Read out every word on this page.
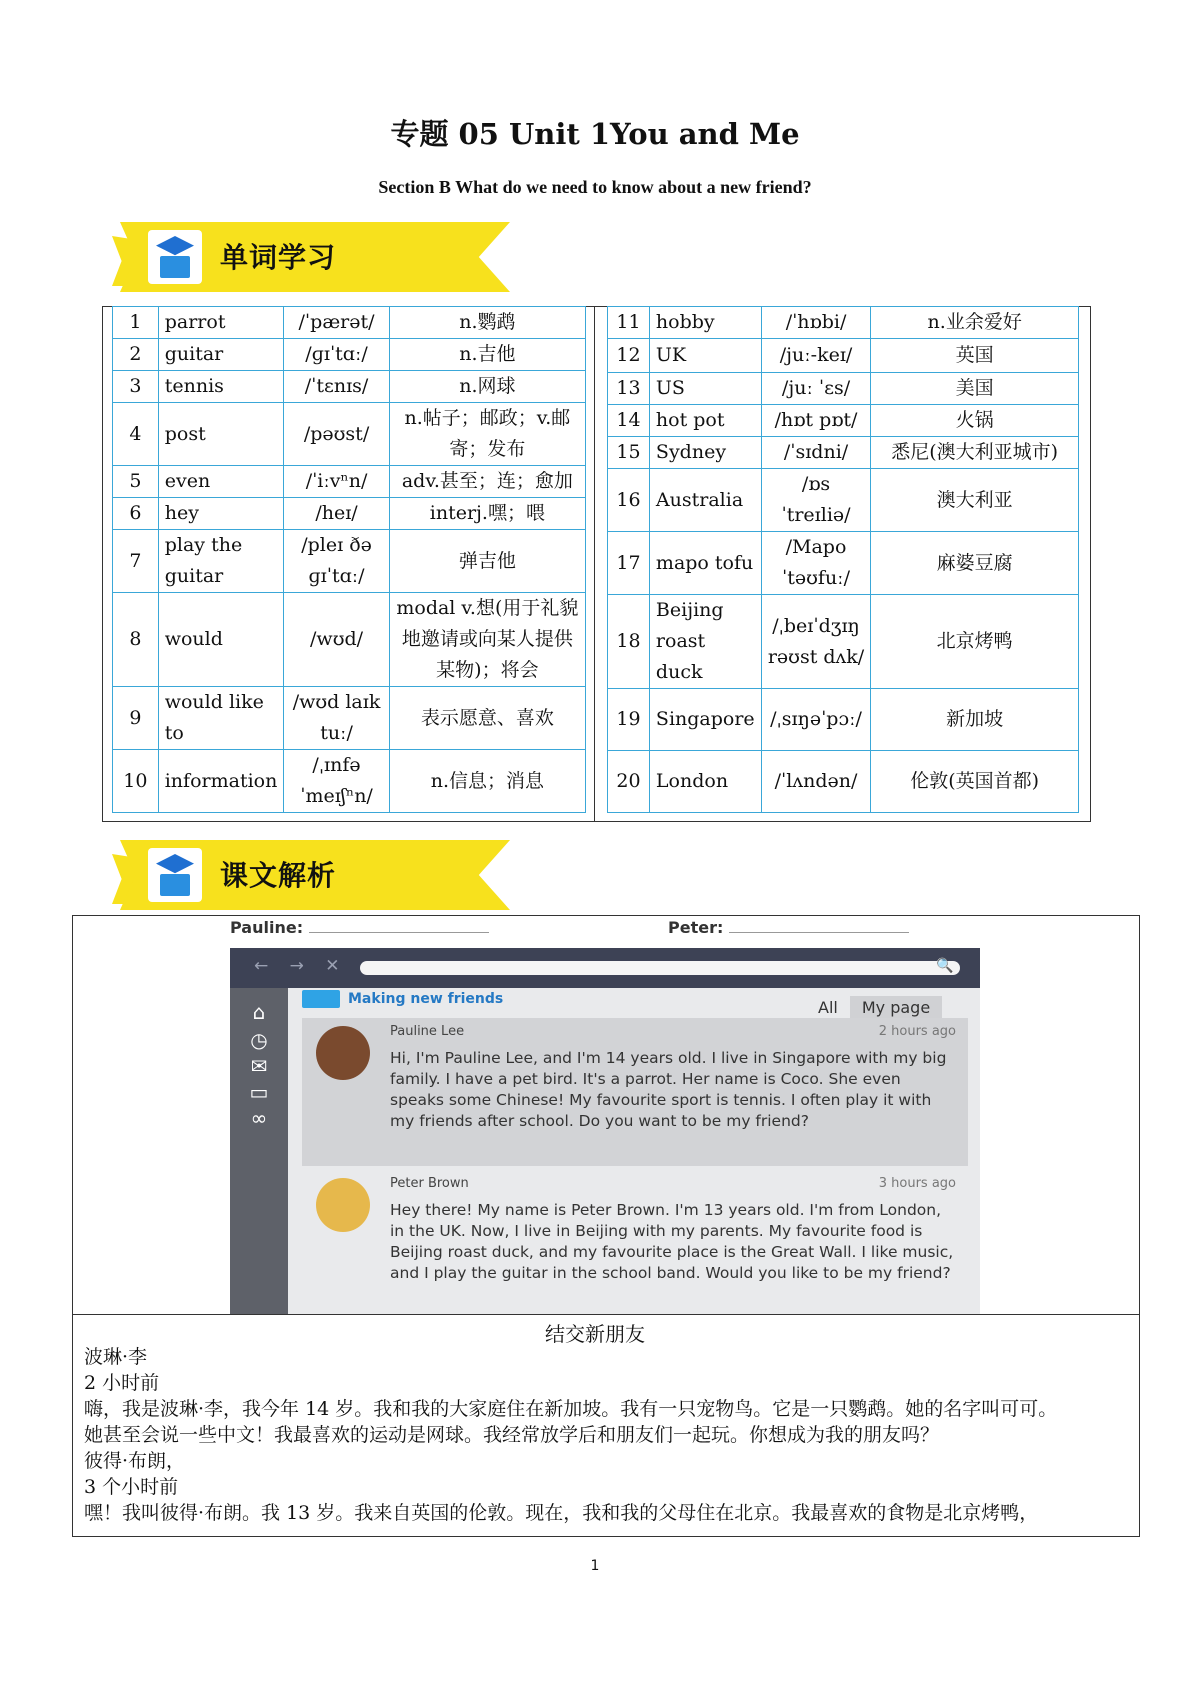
专题 05 Unit 1You and Me
Section B What do we need to know about a new friend?
单词学习
1	parrot	/ˈpærət/	n.鹦鹉
2	guitar	/ɡɪˈtɑː/	n.吉他
3	tennis	/ˈtɛnɪs/	n.网球
4	post	/pəʊst/	n.帖子；邮政；v.邮寄；发布
5	even	/ˈiːvⁿn/	adv.甚至；连；愈加
6	hey	/heɪ/	interj.嘿；喂
7	play the guitar	/pleɪ ðə ɡɪˈtɑː/	弹吉他
8	would	/wʊd/	modal v.想(用于礼貌地邀请或向某人提供某物)；将会
9	would like to	/wʊd laɪk tuː/	表示愿意、喜欢
10	information	/ˌɪnfəˈmeɪʃⁿn/	n.信息；消息
11	hobby	/ˈhɒbi/	n.业余爱好
12	UK	/juː-keɪ/	英国
13	US	/juː ˈɛs/	美国
14	hot pot	/hɒt pɒt/	火锅
15	Sydney	/ˈsɪdni/	悉尼(澳大利亚城市)
16	Australia	/ɒsˈtreɪliə/	澳大利亚
17	mapo tofu	/Mapo ˈtəʊfuː/	麻婆豆腐
18	Beijing roast duck	/ˌbeɪˈdʒɪŋ rəʊst dʌk/	北京烤鸭
19	Singapore	/ˌsɪŋəˈpɔː/	新加坡
20	London	/ˈlʌndən/	伦敦(英国首都)
课文解析
Pauline:	Peter:
← → ✕	🔍
⌂
◷
✉
▭
∞
Making new friends	All My page
Pauline Lee	2 hours ago
Hi, I'm Pauline Lee, and I'm 14 years old. I live in Singapore with my big family. I have a pet bird. It's a parrot. Her name is Coco. She even speaks some Chinese! My favourite sport is tennis. I often play it with my friends after school. Do you want to be my friend?
Peter Brown	3 hours ago
Hey there! My name is Peter Brown. I'm 13 years old. I'm from London, in the UK. Now, I live in Beijing with my parents. My favourite food is Beijing roast duck, and my favourite place is the Great Wall. I like music, and I play the guitar in the school band. Would you like to be my friend?
结交新朋友
波琳·李
2 小时前
嗨，我是波琳·李，我今年 14 岁。我和我的大家庭住在新加坡。我有一只宠物鸟。它是一只鹦鹉。她的名字叫可可。
她甚至会说一些中文！我最喜欢的运动是网球。我经常放学后和朋友们一起玩。你想成为我的朋友吗？
彼得·布朗，
3 个小时前
嘿！我叫彼得·布朗。我 13 岁。我来自英国的伦敦。现在，我和我的父母住在北京。我最喜欢的食物是北京烤鸭，
1
